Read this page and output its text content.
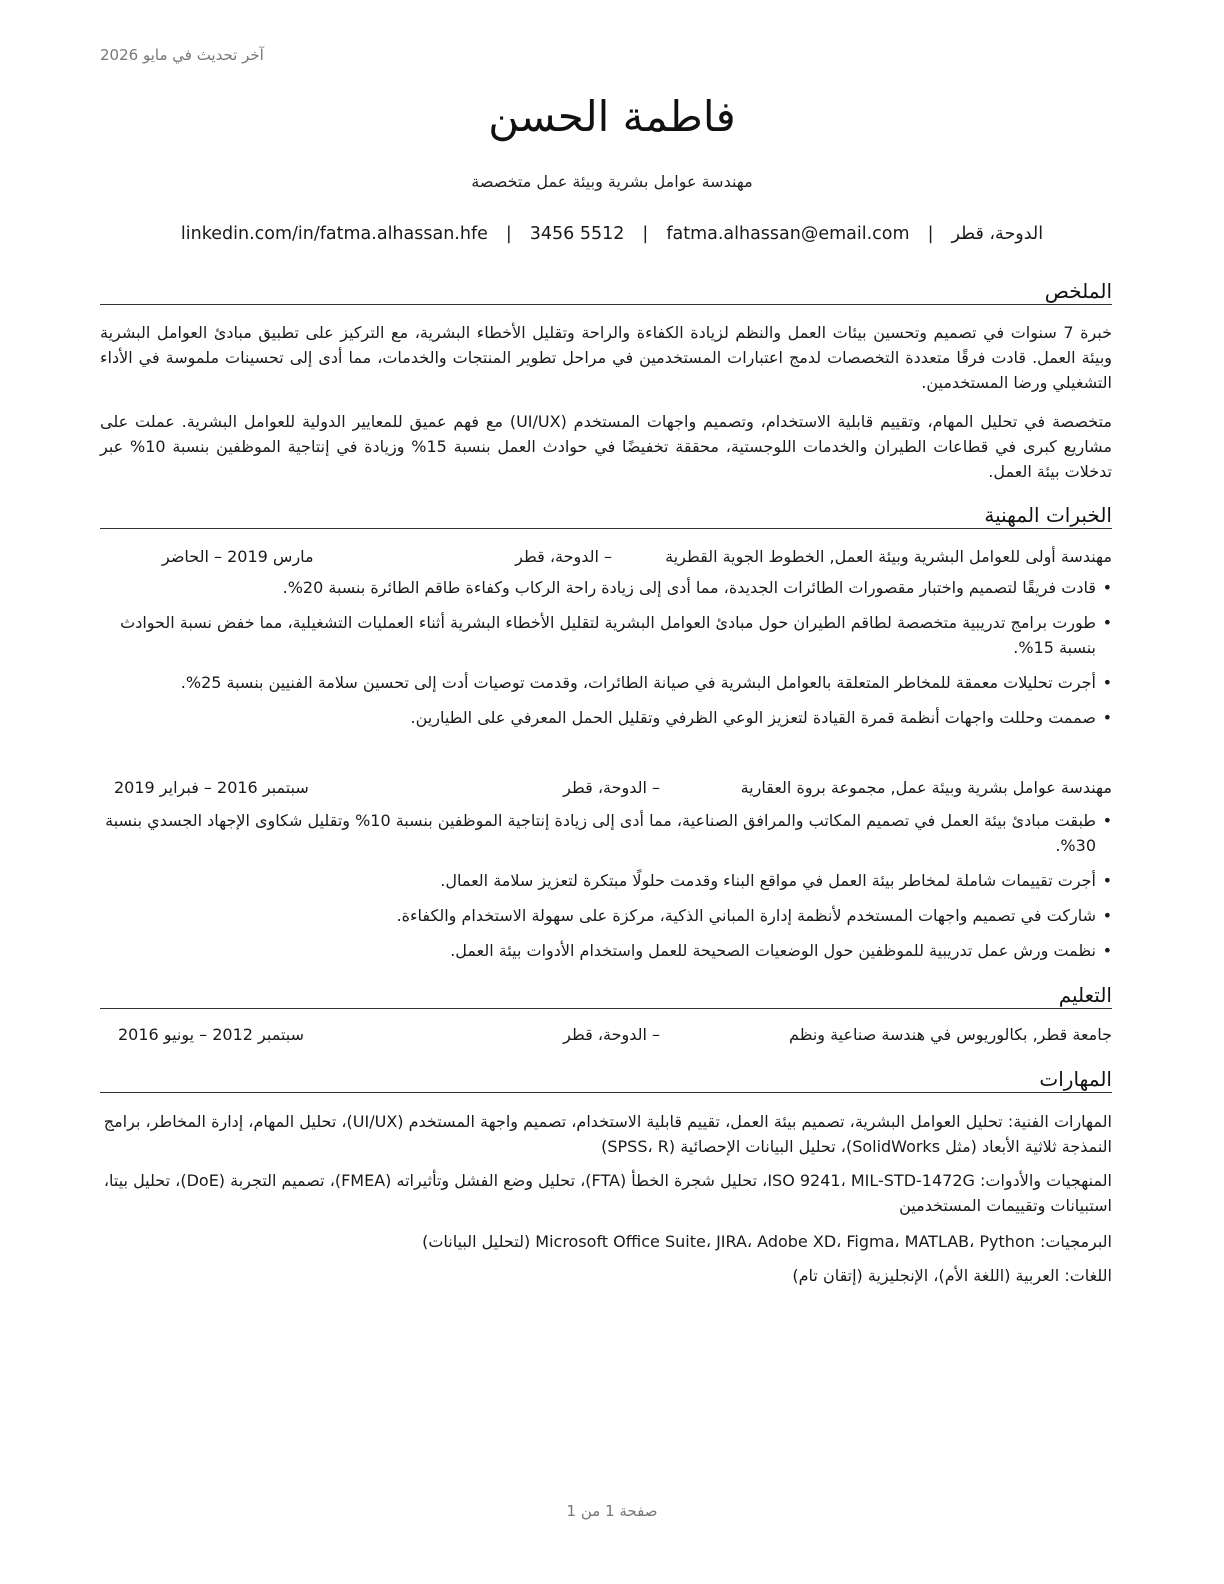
آخر تحديث في مايو 2026
فاطمة الحسن
مهندسة عوامل بشرية وبيئة عمل متخصصة
الدوحة، قطر
|
fatma.alhassan@email.com
|
3456 5512
|
linkedin.com/in/fatma.alhassan.hfe
الملخص

خبرة 7 سنوات في تصميم وتحسين بيئات العمل والنظم لزيادة الكفاءة والراحة وتقليل الأخطاء البشرية، مع التركيز على تطبيق مبادئ العوامل البشرية وبيئة العمل. قادت فرقًا متعددة التخصصات لدمج اعتبارات المستخدمين في مراحل تطوير المنتجات والخدمات، مما أدى إلى تحسينات ملموسة في الأداء التشغيلي ورضا المستخدمين.

متخصصة في تحليل المهام، وتقييم قابلية الاستخدام، وتصميم واجهات المستخدم (UI/UX) مع فهم عميق للمعايير الدولية للعوامل البشرية. عملت على مشاريع كبرى في قطاعات الطيران والخدمات اللوجستية، محققة تخفيضًا في حوادث العمل بنسبة 15% وزيادة في إنتاجية الموظفين بنسبة 10% عبر تدخلات بيئة العمل.

الخبرات المهنية
مهندسة أولى للعوامل البشرية وبيئة العمل, الخطوط الجوية القطرية
– الدوحة، قطر
مارس 2019 – الحاضر
• قادت فريقًا لتصميم واختبار مقصورات الطائرات الجديدة، مما أدى إلى زيادة راحة الركاب وكفاءة طاقم الطائرة بنسبة 20%.
• طورت برامج تدريبية متخصصة لطاقم الطيران حول مبادئ العوامل البشرية لتقليل الأخطاء البشرية أثناء العمليات التشغيلية، مما خفض نسبة الحوادث بنسبة 15%.
• أجرت تحليلات معمقة للمخاطر المتعلقة بالعوامل البشرية في صيانة الطائرات، وقدمت توصيات أدت إلى تحسين سلامة الفنيين بنسبة 25%.
• صممت وحللت واجهات أنظمة قمرة القيادة لتعزيز الوعي الظرفي وتقليل الحمل المعرفي على الطيارين.
مهندسة عوامل بشرية وبيئة عمل, مجموعة بروة العقارية
– الدوحة، قطر
سبتمبر 2016 – فبراير 2019
• طبقت مبادئ بيئة العمل في تصميم المكاتب والمرافق الصناعية، مما أدى إلى زيادة إنتاجية الموظفين بنسبة 10% وتقليل شكاوى الإجهاد الجسدي بنسبة 30%.
• أجرت تقييمات شاملة لمخاطر بيئة العمل في مواقع البناء وقدمت حلولًا مبتكرة لتعزيز سلامة العمال.
• شاركت في تصميم واجهات المستخدم لأنظمة إدارة المباني الذكية، مركزة على سهولة الاستخدام والكفاءة.
• نظمت ورش عمل تدريبية للموظفين حول الوضعيات الصحيحة للعمل واستخدام الأدوات بيئة العمل.
التعليم
جامعة قطر, بكالوريوس في هندسة صناعية ونظم
– الدوحة، قطر
سبتمبر 2012 – يونيو 2016
المهارات

المهارات الفنية: تحليل العوامل البشرية، تصميم بيئة العمل، تقييم قابلية الاستخدام، تصميم واجهة المستخدم (UI/UX)، تحليل المهام، إدارة المخاطر، برامج النمذجة ثلاثية الأبعاد (مثل SolidWorks)، تحليل البيانات الإحصائية (SPSS، R)

المنهجيات والأدوات: ISO 9241، MIL-STD-1472G، تحليل شجرة الخطأ (FTA)، تحليل وضع الفشل وتأثيراته (FMEA)، تصميم التجربة (DoE)، تحليل بيتا، استبيانات وتقييمات المستخدمين

البرمجيات: Microsoft Office Suite، JIRA، Adobe XD، Figma، MATLAB، Python (لتحليل البيانات)

اللغات: العربية (اللغة الأم)، الإنجليزية (إتقان تام)

صفحة 1 من 1
